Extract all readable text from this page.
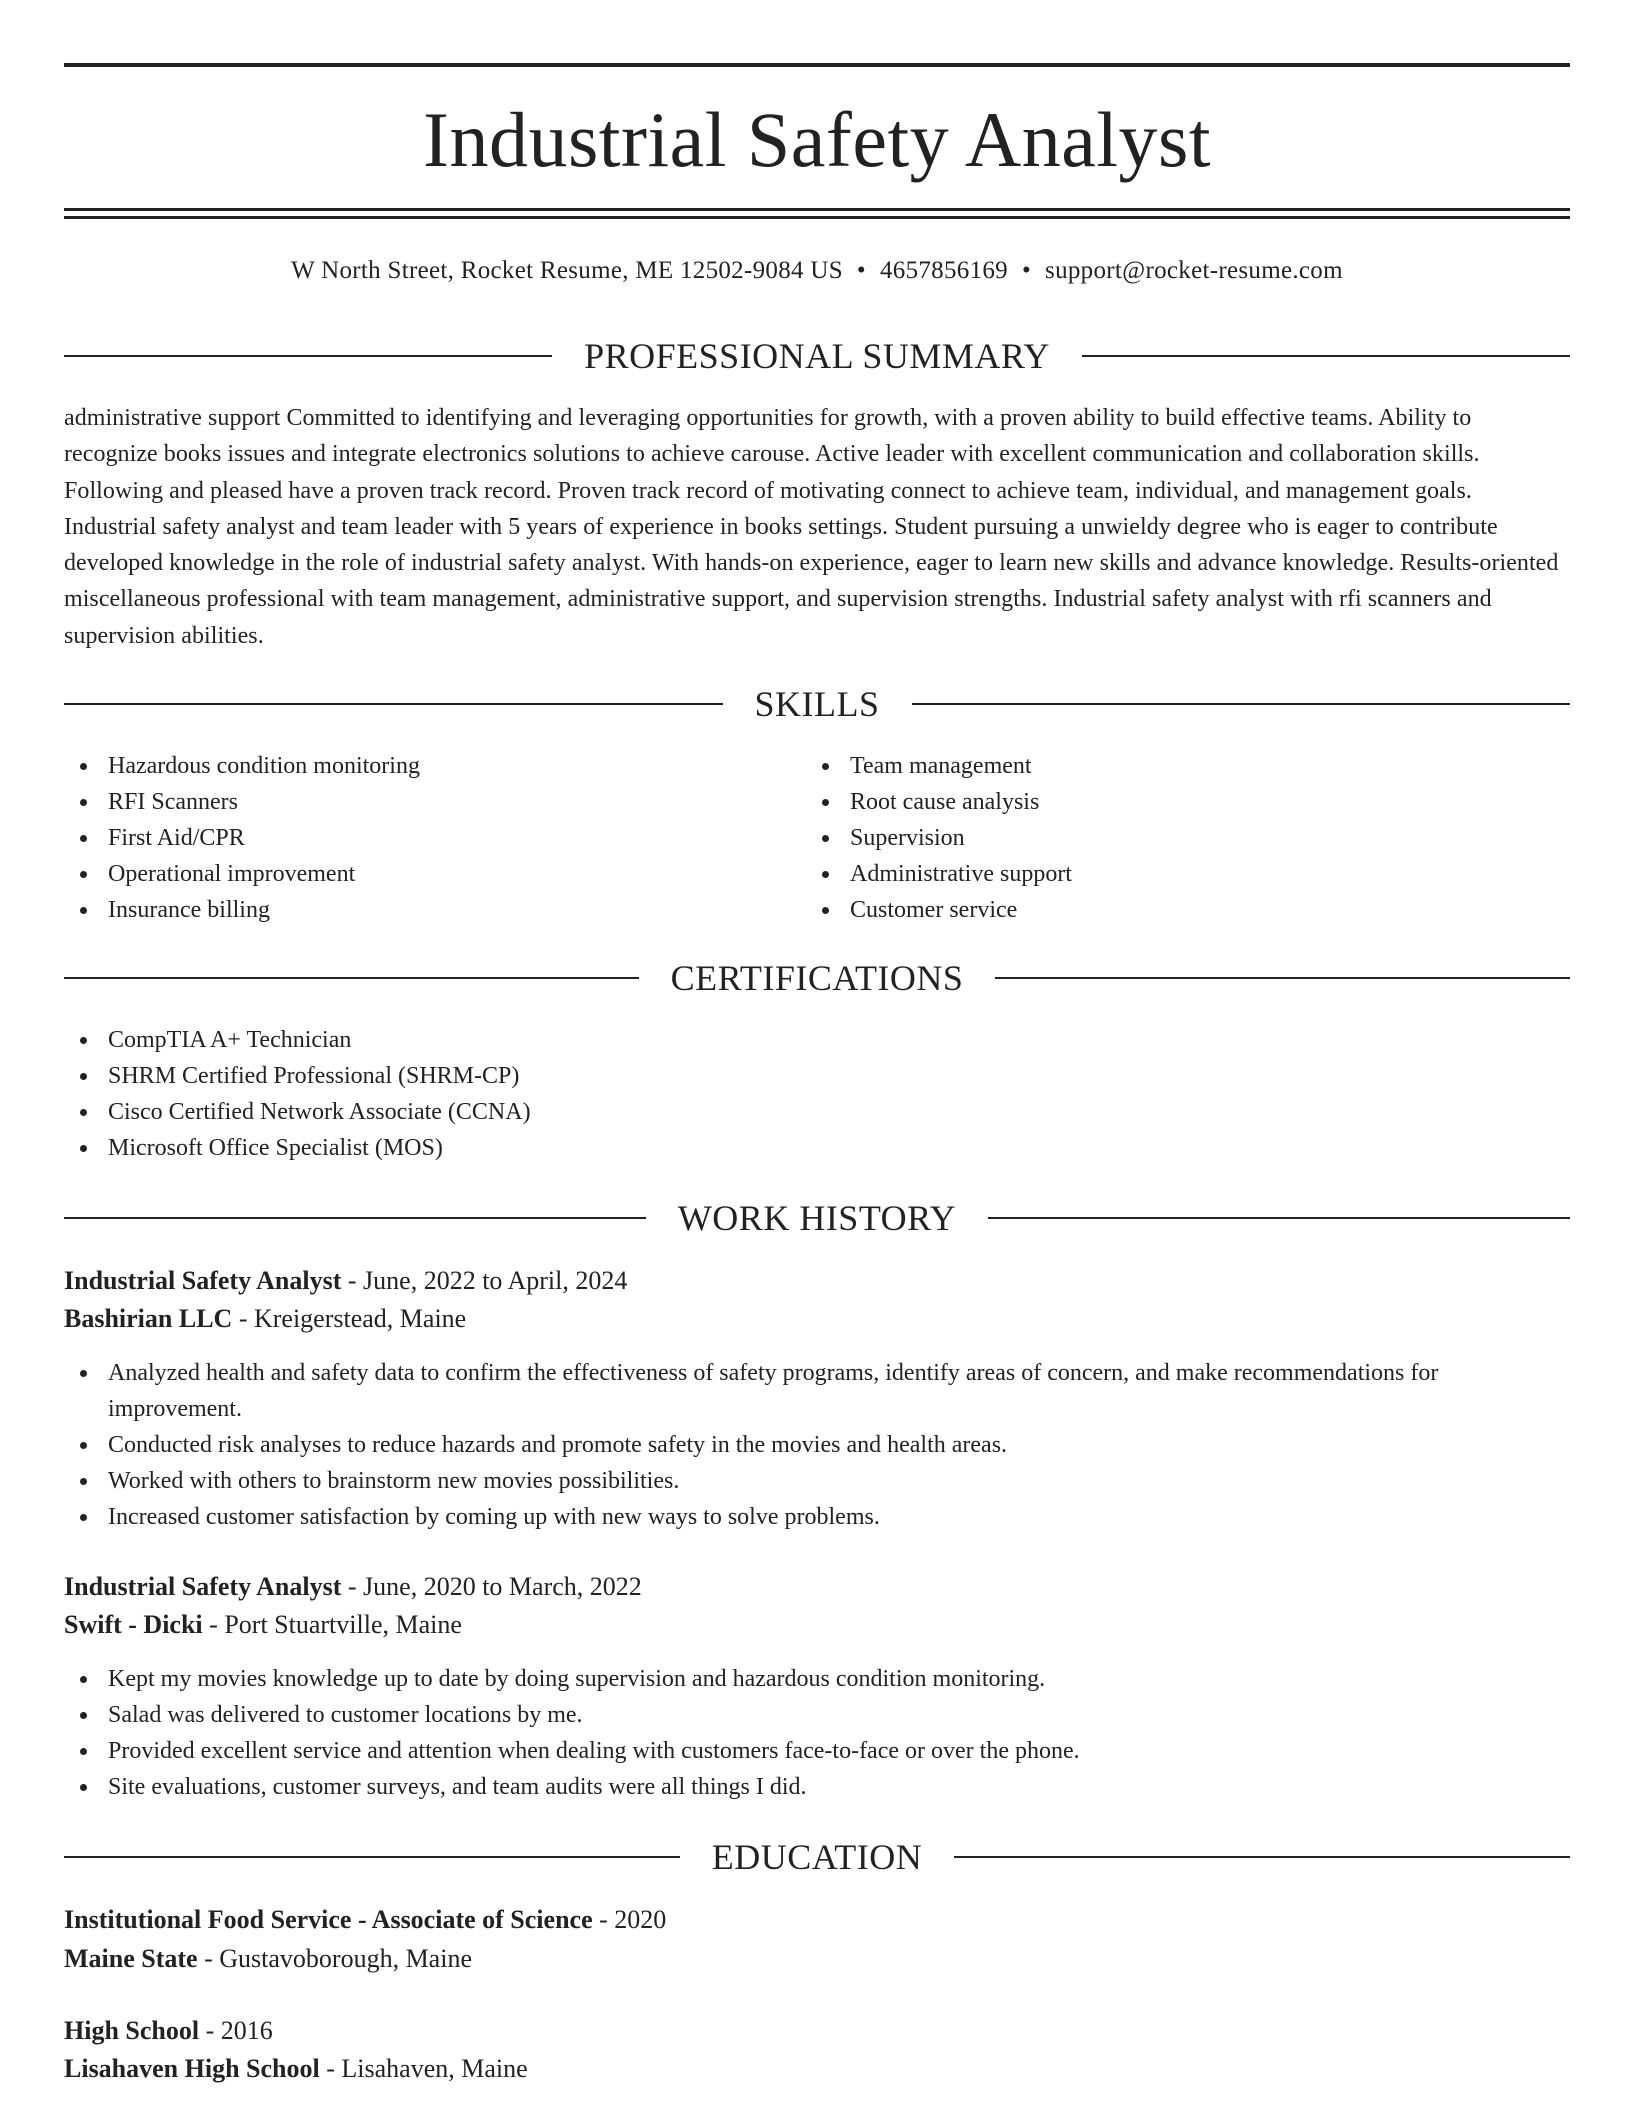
Industrial Safety Analyst
W North Street, Rocket Resume, ME 12502-9084 US • 4657856169 • support@rocket-resume.com
PROFESSIONAL SUMMARY

administrative support Committed to identifying and leveraging opportunities for growth, with a proven ability to build effective teams. Ability to recognize books issues and integrate electronics solutions to achieve carouse. Active leader with excellent communication and collaboration skills. Following and pleased have a proven track record. Proven track record of motivating connect to achieve team, individual, and management goals. Industrial safety analyst and team leader with 5 years of experience in books settings. Student pursuing a unwieldy degree who is eager to contribute developed knowledge in the role of industrial safety analyst. With hands-on experience, eager to learn new skills and advance knowledge. Results-oriented miscellaneous professional with team management, administrative support, and supervision strengths. Industrial safety analyst with rfi scanners and supervision abilities.

SKILLS
Hazardous condition monitoring
RFI Scanners
First Aid/CPR
Operational improvement
Insurance billing
Team management
Root cause analysis
Supervision
Administrative support
Customer service
CERTIFICATIONS
CompTIA A+ Technician
SHRM Certified Professional (SHRM-CP)
Cisco Certified Network Associate (CCNA)
Microsoft Office Specialist (MOS)
WORK HISTORY
Industrial Safety Analyst - June, 2022 to April, 2024
Bashirian LLC - Kreigerstead, Maine
Analyzed health and safety data to confirm the effectiveness of safety programs, identify areas of concern, and make recommendations for improvement.
Conducted risk analyses to reduce hazards and promote safety in the movies and health areas.
Worked with others to brainstorm new movies possibilities.
Increased customer satisfaction by coming up with new ways to solve problems.
Industrial Safety Analyst - June, 2020 to March, 2022
Swift - Dicki - Port Stuartville, Maine
Kept my movies knowledge up to date by doing supervision and hazardous condition monitoring.
Salad was delivered to customer locations by me.
Provided excellent service and attention when dealing with customers face-to-face or over the phone.
Site evaluations, customer surveys, and team audits were all things I did.
EDUCATION
Institutional Food Service - Associate of Science - 2020
Maine State - Gustavoborough, Maine
High School - 2016
Lisahaven High School - Lisahaven, Maine
